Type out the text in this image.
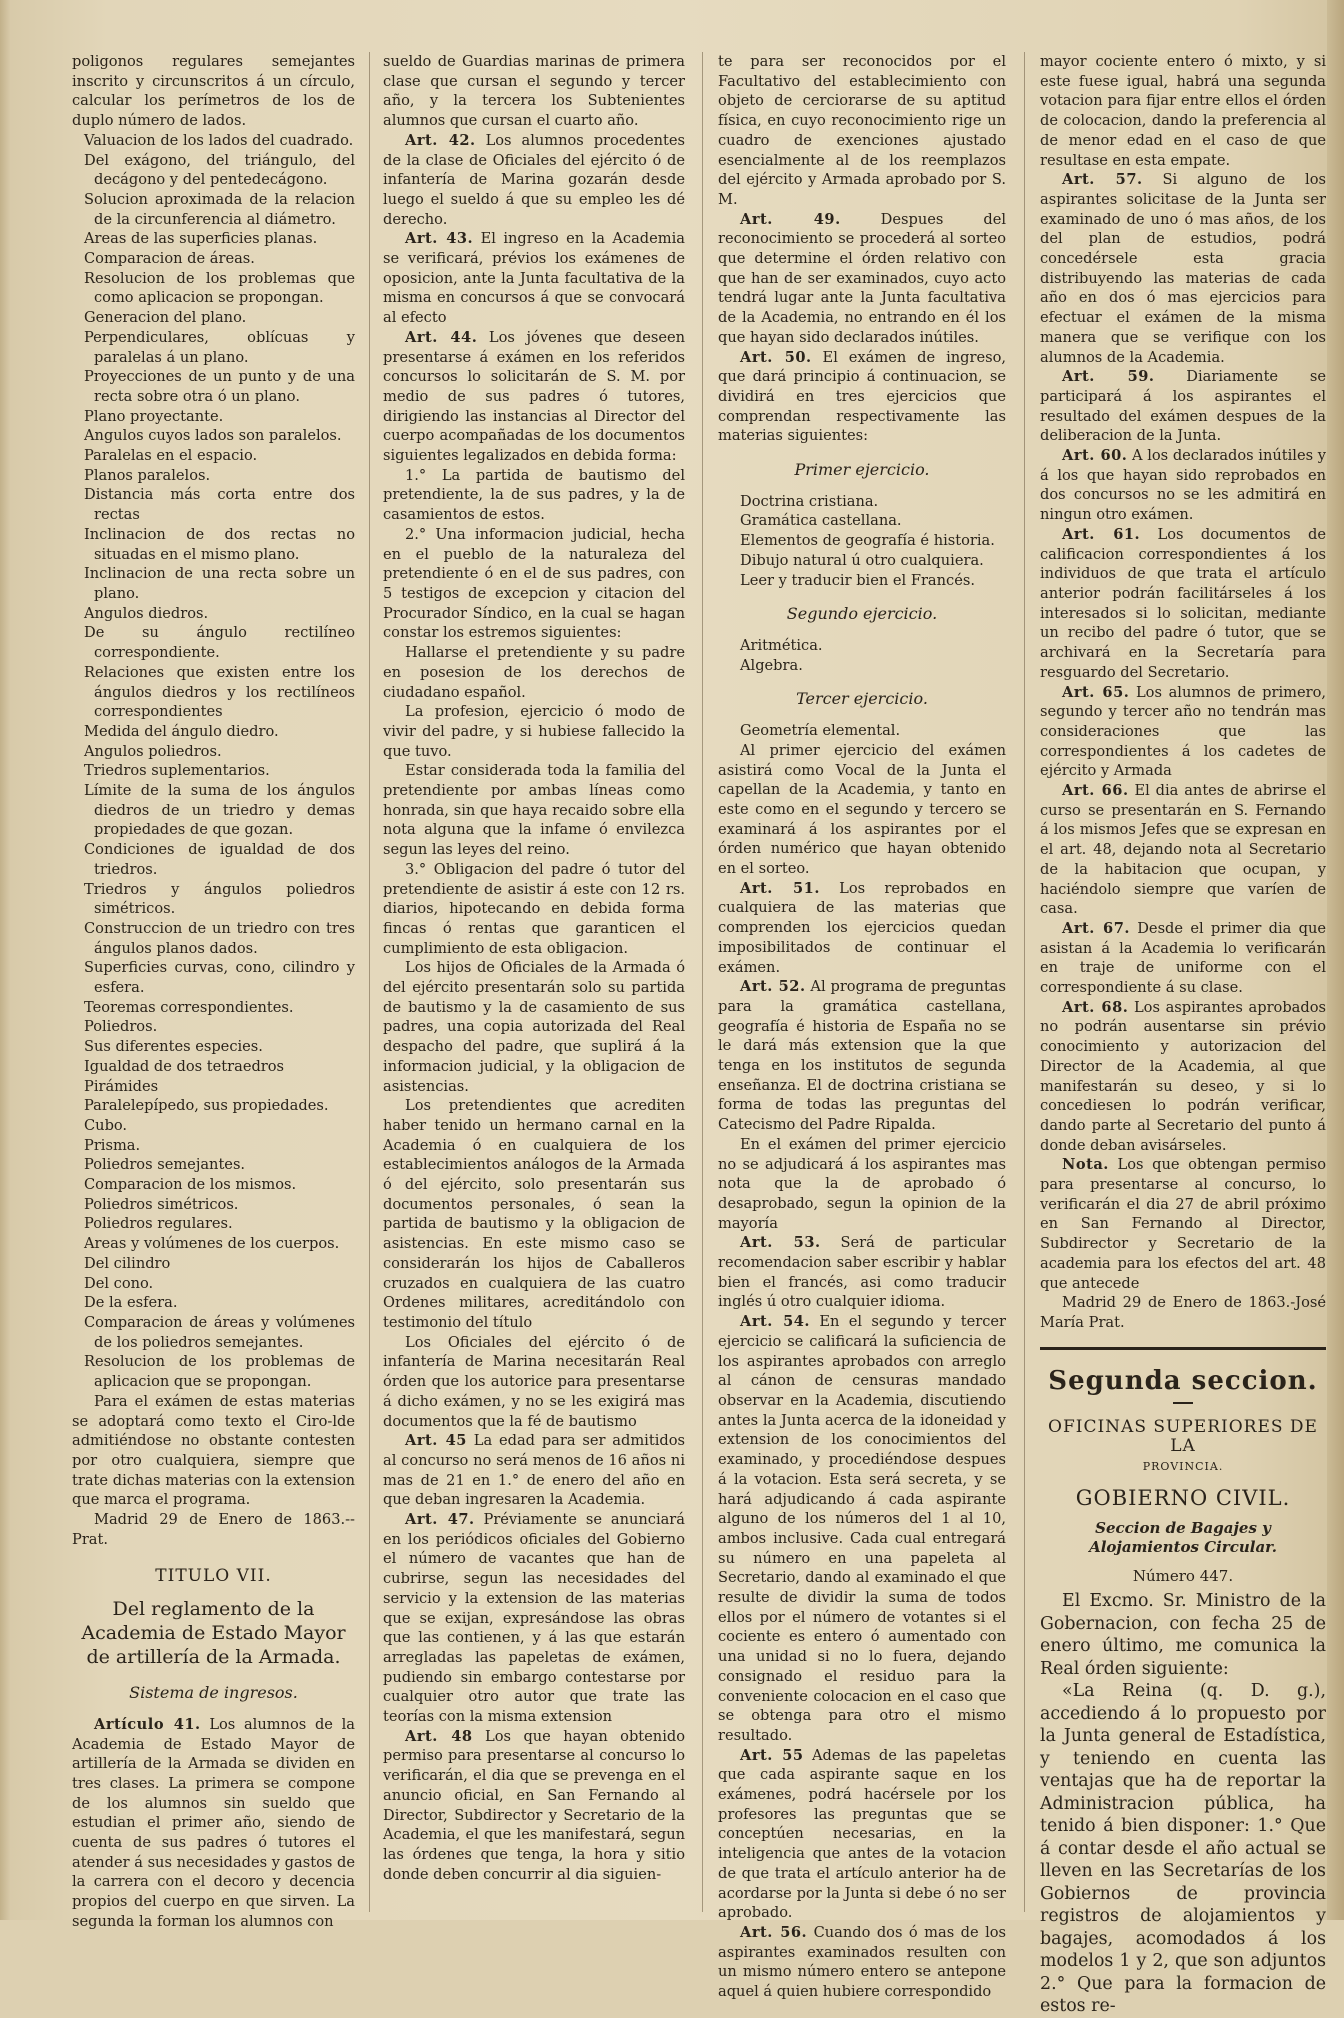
poligonos regulares semejantes inscrito y circunscritos á un círculo, calcular los perímetros de los de duplo número de lados.

Valuacion de los lados del cuadrado.

Del exágono, del triángulo, del decágono y del pentedecágono.

Solucion aproximada de la relacion de la circunferencia al diámetro.

Areas de las superficies planas.

Comparacion de áreas.

Resolucion de los problemas que como aplicacion se propongan.

Generacion del plano.

Perpendiculares, oblícuas y paralelas á un plano.

Proyecciones de un punto y de una recta sobre otra ó un plano.

Plano proyectante.

Angulos cuyos lados son paralelos.

Paralelas en el espacio.

Planos paralelos.

Distancia más corta entre dos rectas

Inclinacion de dos rectas no situadas en el mismo plano.

Inclinacion de una recta sobre un plano.

Angulos diedros.

De su ángulo rectilíneo correspondiente.

Relaciones que existen entre los ángulos diedros y los rectilíneos correspondientes

Medida del ángulo diedro.

Angulos poliedros.

Triedros suplementarios.

Límite de la suma de los ángulos diedros de un triedro y demas propiedades de que gozan.

Condiciones de igualdad de dos triedros.

Triedros y ángulos poliedros simétricos.

Construccion de un triedro con tres ángulos planos dados.

Superficies curvas, cono, cilindro y esfera.

Teoremas correspondientes.

Poliedros.

Sus diferentes especies.

Igualdad de dos tetraedros

Pirámides

Paralelepípedo, sus propiedades.

Cubo.

Prisma.

Poliedros semejantes.

Comparacion de los mismos.

Poliedros simétricos.

Poliedros regulares.

Areas y volúmenes de los cuerpos.

Del cilindro

Del cono.

De la esfera.

Comparacion de áreas y volúmenes de los poliedros semejantes.

Resolucion de los problemas de aplicacion que se propongan.

Para el exámen de estas materias se adoptará como texto el Ciro-lde admitiéndose no obstante contesten por otro cualquiera, siempre que trate dichas materias con la extension que marca el programa.

Madrid 29 de Enero de 1863.--Prat.

TITULO VII.
Del reglamento de la Academia de Estado Mayor de artillería de la Armada.
Sistema de ingresos.

Artículo 41. Los alumnos de la Academia de Estado Mayor de artillería de la Armada se dividen en tres clases. La primera se compone de los alumnos sin sueldo que estudian el primer año, siendo de cuenta de sus padres ó tutores el atender á sus necesidades y gastos de la carrera con el decoro y decencia propios del cuerpo en que sirven. La segunda la forman los alumnos con

sueldo de Guardias marinas de primera clase que cursan el segundo y tercer año, y la tercera los Subtenientes alumnos que cursan el cuarto año.

Art. 42. Los alumnos procedentes de la clase de Oficiales del ejército ó de infantería de Marina gozarán desde luego el sueldo á que su empleo les dé derecho.

Art. 43. El ingreso en la Academia se verificará, prévios los exámenes de oposicion, ante la Junta facultativa de la misma en concursos á que se convocará al efecto

Art. 44. Los jóvenes que deseen presentarse á exámen en los referidos concursos lo solicitarán de S. M. por medio de sus padres ó tutores, dirigiendo las instancias al Director del cuerpo acompañadas de los documentos siguientes legalizados en debida forma:

1.° La partida de bautismo del pretendiente, la de sus padres, y la de casamientos de estos.

2.° Una informacion judicial, hecha en el pueblo de la naturaleza del pretendiente ó en el de sus padres, con 5 testigos de excepcion y citacion del Procurador Síndico, en la cual se hagan constar los estremos siguientes:

Hallarse el pretendiente y su padre en posesion de los derechos de ciudadano español.

La profesion, ejercicio ó modo de vivir del padre, y si hubiese fallecido la que tuvo.

Estar considerada toda la familia del pretendiente por ambas líneas como honrada, sin que haya recaido sobre ella nota alguna que la infame ó envilezca segun las leyes del reino.

3.° Obligacion del padre ó tutor del pretendiente de asistir á este con 12 rs. diarios, hipotecando en debida forma fincas ó rentas que garanticen el cumplimiento de esta obligacion.

Los hijos de Oficiales de la Armada ó del ejército presentarán solo su partida de bautismo y la de casamiento de sus padres, una copia autorizada del Real despacho del padre, que suplirá á la informacion judicial, y la obligacion de asistencias.

Los pretendientes que acrediten haber tenido un hermano carnal en la Academia ó en cualquiera de los establecimientos análogos de la Armada ó del ejército, solo presentarán sus documentos personales, ó sean la partida de bautismo y la obligacion de asistencias. En este mismo caso se considerarán los hijos de Caballeros cruzados en cualquiera de las cuatro Ordenes militares, acreditándolo con testimonio del título

Los Oficiales del ejército ó de infantería de Marina necesitarán Real órden que los autorice para presentarse á dicho exámen, y no se les exigirá mas documentos que la fé de bautismo

Art. 45 La edad para ser admitidos al concurso no será menos de 16 años ni mas de 21 en 1.° de enero del año en que deban ingresaren la Academia.

Art. 47. Préviamente se anunciará en los periódicos oficiales del Gobierno el número de vacantes que han de cubrirse, segun las necesidades del servicio y la extension de las materias que se exijan, expresándose las obras que las contienen, y á las que estarán arregladas las papeletas de exámen, pudiendo sin embargo contestarse por cualquier otro autor que trate las teorías con la misma extension

Art. 48 Los que hayan obtenido permiso para presentarse al concurso lo verificarán, el dia que se prevenga en el anuncio oficial, en San Fernando al Director, Subdirector y Secretario de la Academia, el que les manifestará, segun las órdenes que tenga, la hora y sitio donde deben concurrir al dia siguien-

te para ser reconocidos por el Facultativo del establecimiento con objeto de cerciorarse de su aptitud física, en cuyo reconocimiento rige un cuadro de exenciones ajustado esencialmente al de los reemplazos del ejército y Armada aprobado por S. M.

Art. 49.	Despues del reconocimiento se procederá al sorteo que determine el órden relativo con que han de ser examinados, cuyo acto tendrá lugar ante la Junta facultativa de la Academia, no entrando en él los que hayan sido declarados inútiles.

Art. 50. El exámen de ingreso, que dará principio á continuacion, se dividirá en tres ejercicios que comprendan respectivamente las materias siguientes:

Primer ejercicio.

Doctrina cristiana.

Gramática castellana.

Elementos de geografía é historia.

Dibujo natural ú otro cualquiera.

Leer y traducir bien el Francés.

Segundo ejercicio.

Aritmética.

Algebra.

Tercer ejercicio.

Geometría elemental.

Al primer ejercicio del exámen asistirá como Vocal de la Junta el capellan de la Academia, y tanto en este como en el segundo y tercero se examinará á los aspirantes por el órden numérico que hayan obtenido en el sorteo.

Art. 51. Los reprobados en cualquiera de las materias que comprenden los ejercicios quedan imposibilitados de continuar el exámen.

Art. 52. Al programa de preguntas para la gramática castellana, geografía é historia de España no se le dará más extension que la que tenga en los institutos de segunda enseñanza. El de doctrina cristiana se forma de todas las preguntas del Catecismo del Padre Ripalda.

En el exámen del primer ejercicio no se adjudicará á los aspirantes mas nota que la de aprobado ó desaprobado, segun la opinion de la mayoría

Art. 53. Será de particular recomendacion saber escribir y hablar bien el francés, asi como traducir inglés ú otro cualquier idioma.

Art. 54. En el segundo y tercer ejercicio se calificará la suficiencia de los aspirantes aprobados con arreglo al cánon de censuras mandado observar en la Academia, discutiendo antes la Junta acerca de la idoneidad y extension de los conocimientos del examinado, y procediéndose despues á la votacion. Esta será secreta, y se hará adjudicando á cada aspirante alguno de los números del 1 al 10, ambos inclusive. Cada cual entregará su número en una papeleta al Secretario, dando al examinado el que resulte de dividir la suma de todos ellos por el número de votantes si el cociente es entero ó aumentado con una unidad si no lo fuera, dejando consignado el residuo para la conveniente colocacion en el caso que se obtenga para otro el mismo resultado.

Art. 55 Ademas de las papeletas que cada aspirante saque en los exámenes, podrá hacérsele por los profesores las preguntas que se conceptúen necesarias, en la inteligencia que antes de la votacion de que trata el artículo anterior ha de acordarse por la Junta si debe ó no ser aprobado.

Art. 56. Cuando dos ó mas de los aspirantes examinados resulten con un mismo número entero se antepone aquel á quien hubiere correspondido

mayor cociente entero ó mixto, y si este fuese igual, habrá una segunda votacion para fijar entre ellos el órden de colocacion, dando la preferencia al de menor edad en el caso de que resultase en esta empate.

Art. 57. Si alguno de los aspirantes solicitase de la Junta ser examinado de uno ó mas años, de los del plan de estudios, podrá concedérsele esta gracia distribuyendo las materias de cada año en dos ó mas ejercicios para efectuar el exámen de la misma manera que se verifique con los alumnos de la Academia.

Art. 59. Diariamente se participará á los aspirantes el resultado del exámen despues de la deliberacion de la Junta.

Art. 60. A los declarados inútiles y á los que hayan sido reprobados en dos concursos no se les admitirá en ningun otro exámen.

Art. 61. Los documentos de calificacion correspondientes á los individuos de que trata el artículo anterior podrán facilitárseles á los interesados si lo solicitan, mediante un recibo del padre ó tutor, que se archivará en la Secretaría para resguardo del Secretario.

Art. 65. Los alumnos de primero, segundo y tercer año no tendrán mas consideraciones que las correspondientes á los cadetes de ejército y Armada

Art. 66. El dia antes de abrirse el curso se presentarán en S. Fernando á los mismos Jefes que se expresan en el art. 48, dejando nota al Secretario de la habitacion que ocupan, y haciéndolo siempre que varíen de casa.

Art. 67. Desde el primer dia que asistan á la Academia lo verificarán en traje de uniforme con el correspondiente á su clase.

Art. 68. Los aspirantes aprobados no podrán ausentarse sin prévio conocimiento y autorizacion del Director de la Academia, al que manifestarán su deseo, y si lo concediesen lo podrán verificar, dando parte al Secretario del punto á donde deban avisárseles.

Nota. Los que obtengan permiso para presentarse al concurso, lo verificarán el dia 27 de abril próximo en San Fernando al Director, Subdirector y Secretario de la academia para los efectos del art. 48 que antecede

Madrid 29 de Enero de 1863.-José María Prat.

Segunda seccion.
OFICINAS SUPERIORES DE LA
PROVINCIA.
GOBIERNO CIVIL.
Seccion de Bagajes y Alojamientos Circular.
Número 447.

El Excmo. Sr. Ministro de la Gobernacion, con fecha 25 de enero último, me comunica la Real órden siguiente:

«La Reina (q. D. g.), accediendo á lo propuesto por la Junta general de Estadística, y teniendo en cuenta las ventajas que ha de reportar la Administracion pública, ha tenido á bien disponer: 1.° Que á contar desde el año actual se lleven en las Secretarías de los Gobiernos de provincia registros de alojamientos y bagajes, acomodados á los modelos 1 y 2, que son adjuntos 2.° Que para la formacion de estos re-
